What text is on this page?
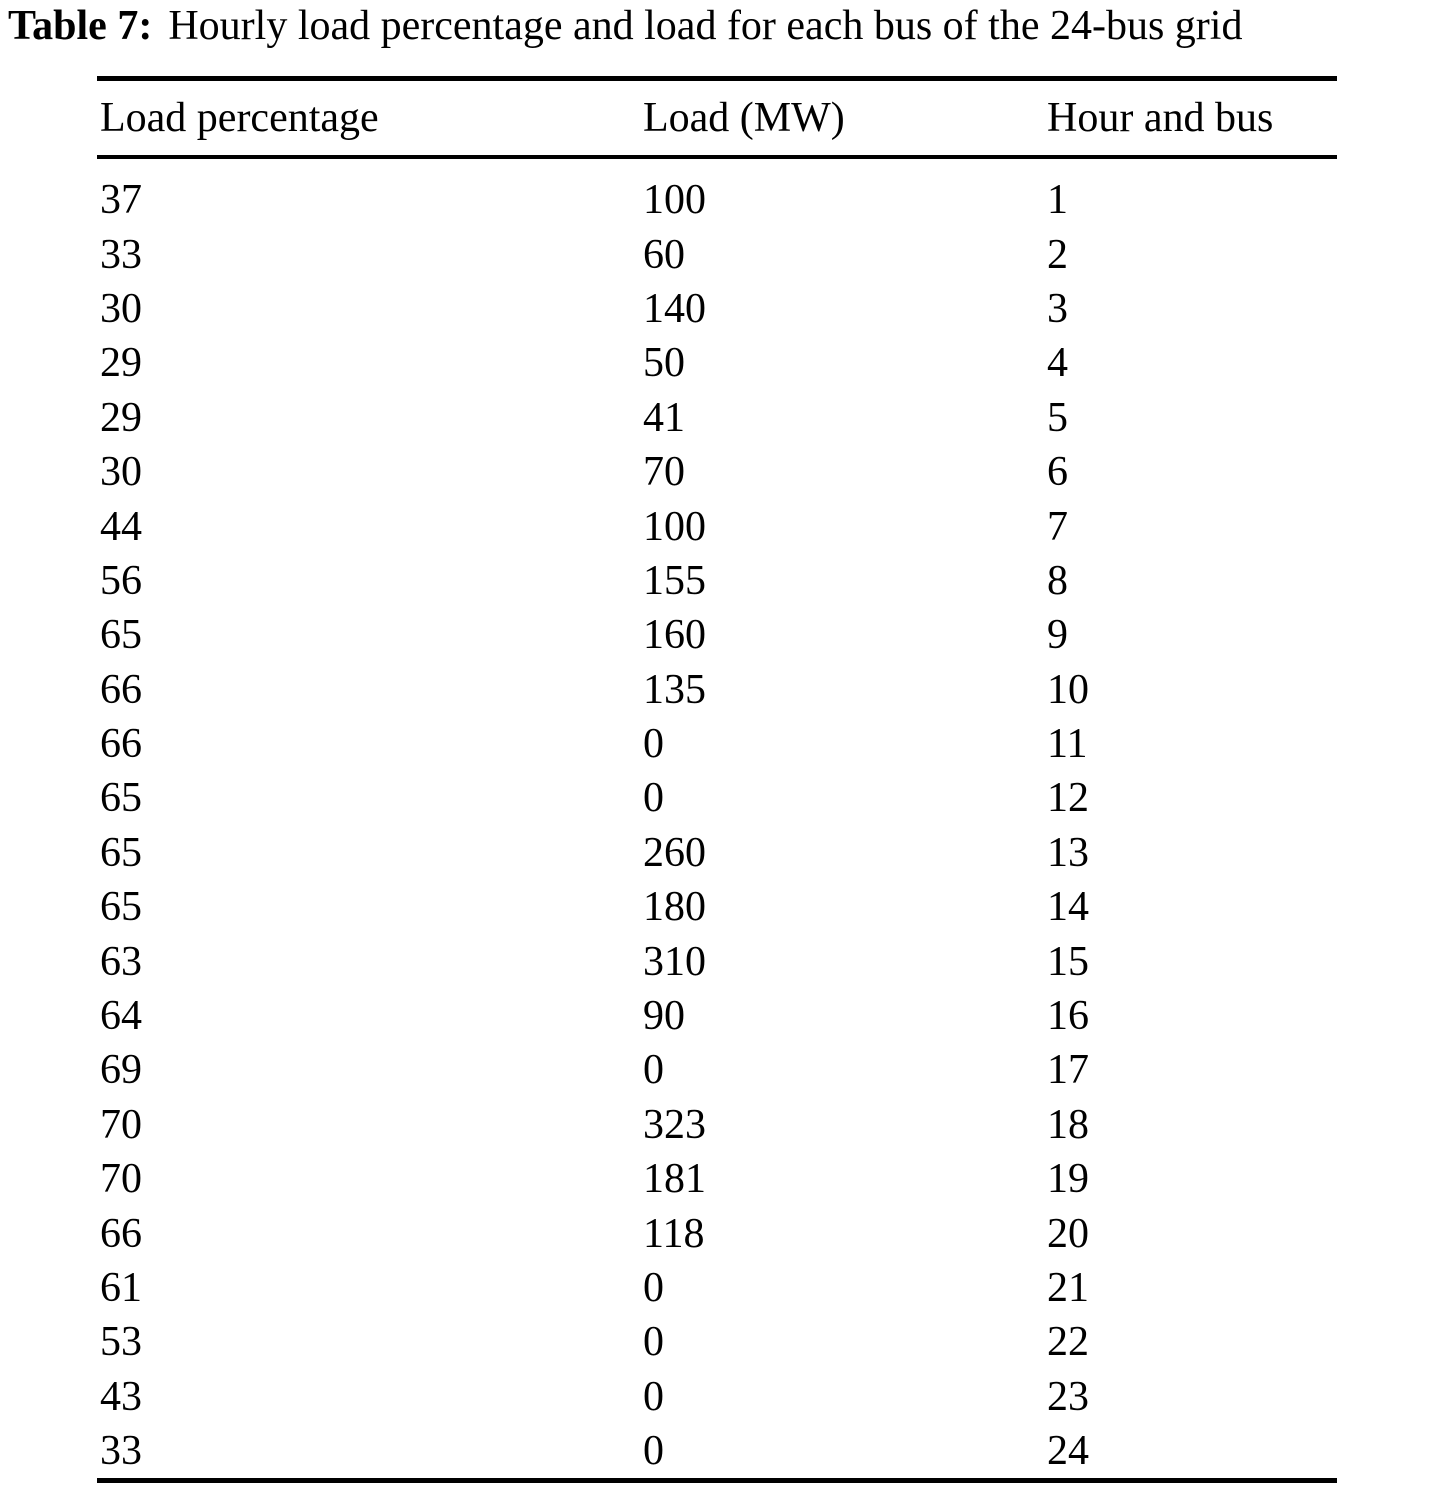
Table 7: Hourly load percentage and load for each bus of the 24-bus grid
Load percentage	Load (MW)	Hour and bus
37	100	1
33	60	2
30	140	3
29	50	4
29	41	5
30	70	6
44	100	7
56	155	8
65	160	9
66	135	10
66	0	11
65	0	12
65	260	13
65	180	14
63	310	15
64	90	16
69	0	17
70	323	18
70	181	19
66	118	20
61	0	21
53	0	22
43	0	23
33	0	24
